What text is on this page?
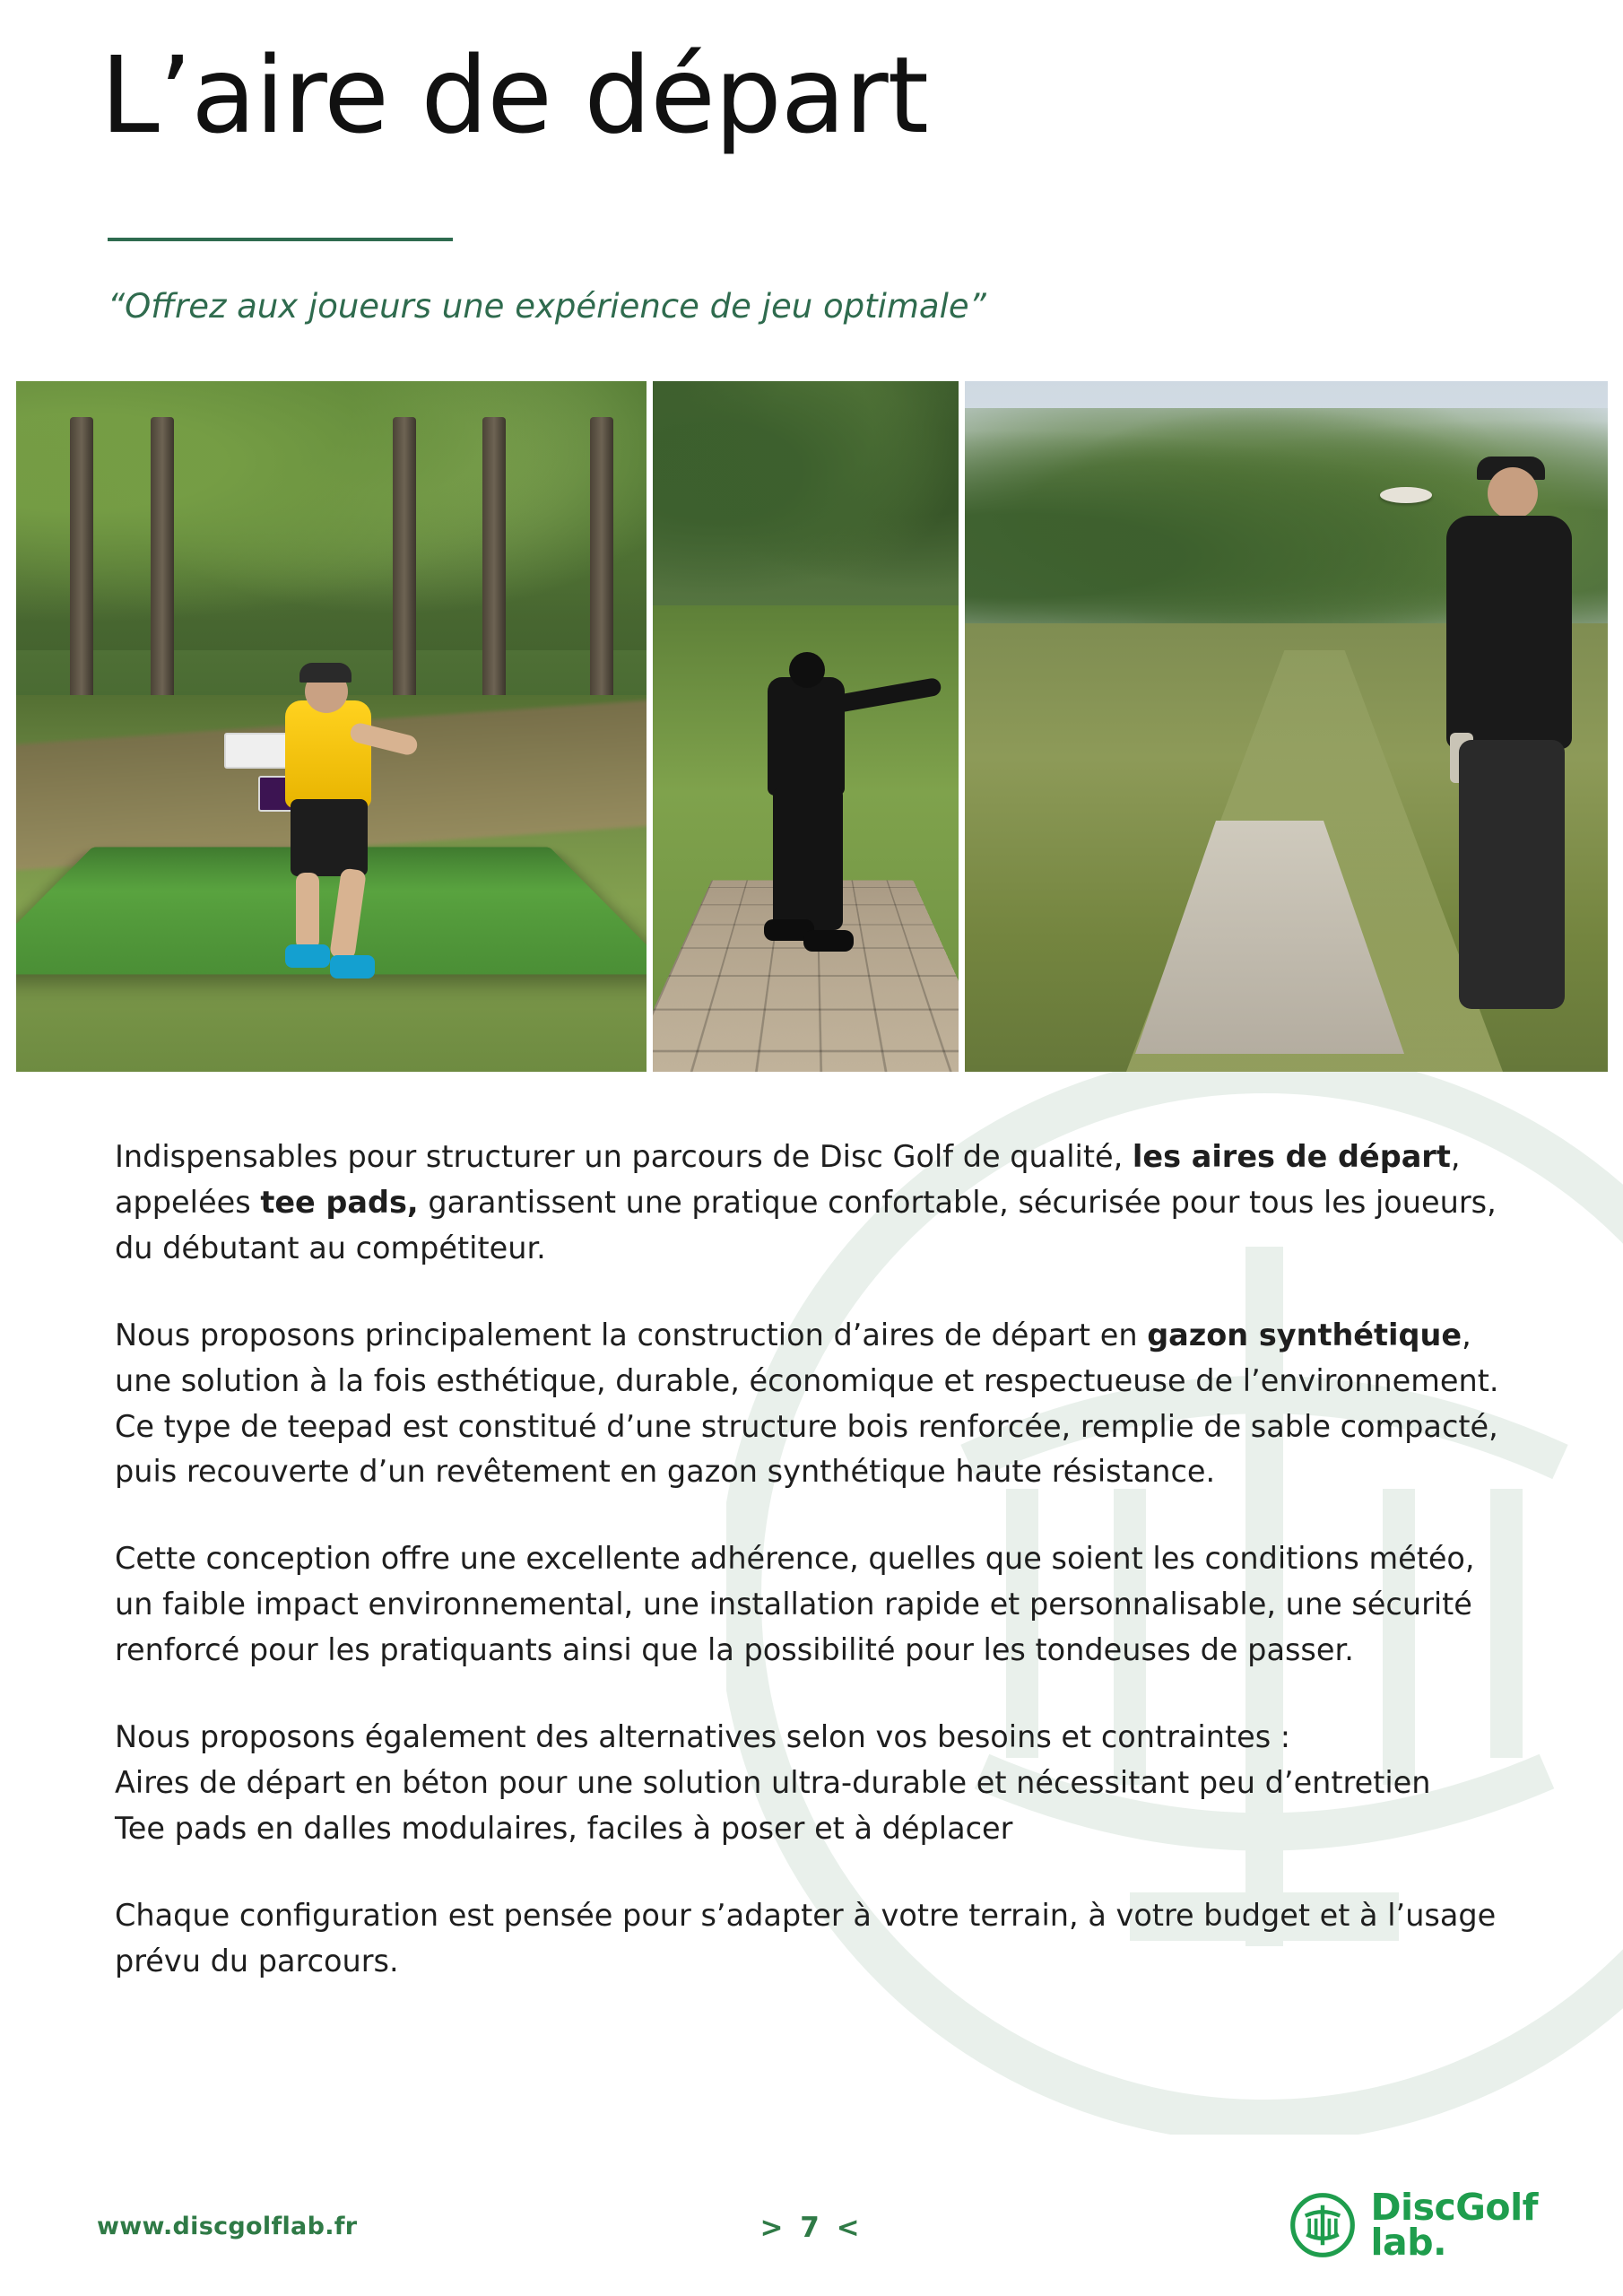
L’aire de départ
“Offrez aux joueurs une expérience de jeu optimale”

Indispensables pour structurer un parcours de Disc Golf de qualité, les aires de départ, appelées tee pads, garantissent une pratique confortable, sécurisée pour tous les joueurs, du débutant au compétiteur.

Nous proposons principalement la construction d’aires de départ en gazon synthétique, une solution à la fois esthétique, durable, économique et respectueuse de l’environnement. Ce type de teepad est constitué d’une structure bois renforcée, remplie de sable compacté, puis recouverte d’un revêtement en gazon synthétique haute résistance.

Cette conception offre une excellente adhérence, quelles que soient les conditions météo, un faible impact environnemental, une installation rapide et personnalisable, une sécurité renforcé pour les pratiquants ainsi que la possibilité pour les tondeuses de passer.

Nous proposons également des alternatives selon vos besoins et contraintes :
Aires de départ en béton pour une solution ultra-durable et nécessitant peu d’entretien
Tee pads en dalles modulaires, faciles à poser et à déplacer

Chaque configuration est pensée pour s’adapter à votre terrain, à votre budget et à l’usage prévu du parcours.

www.discgolflab.fr	> 7 <	DiscGolf
lab.
